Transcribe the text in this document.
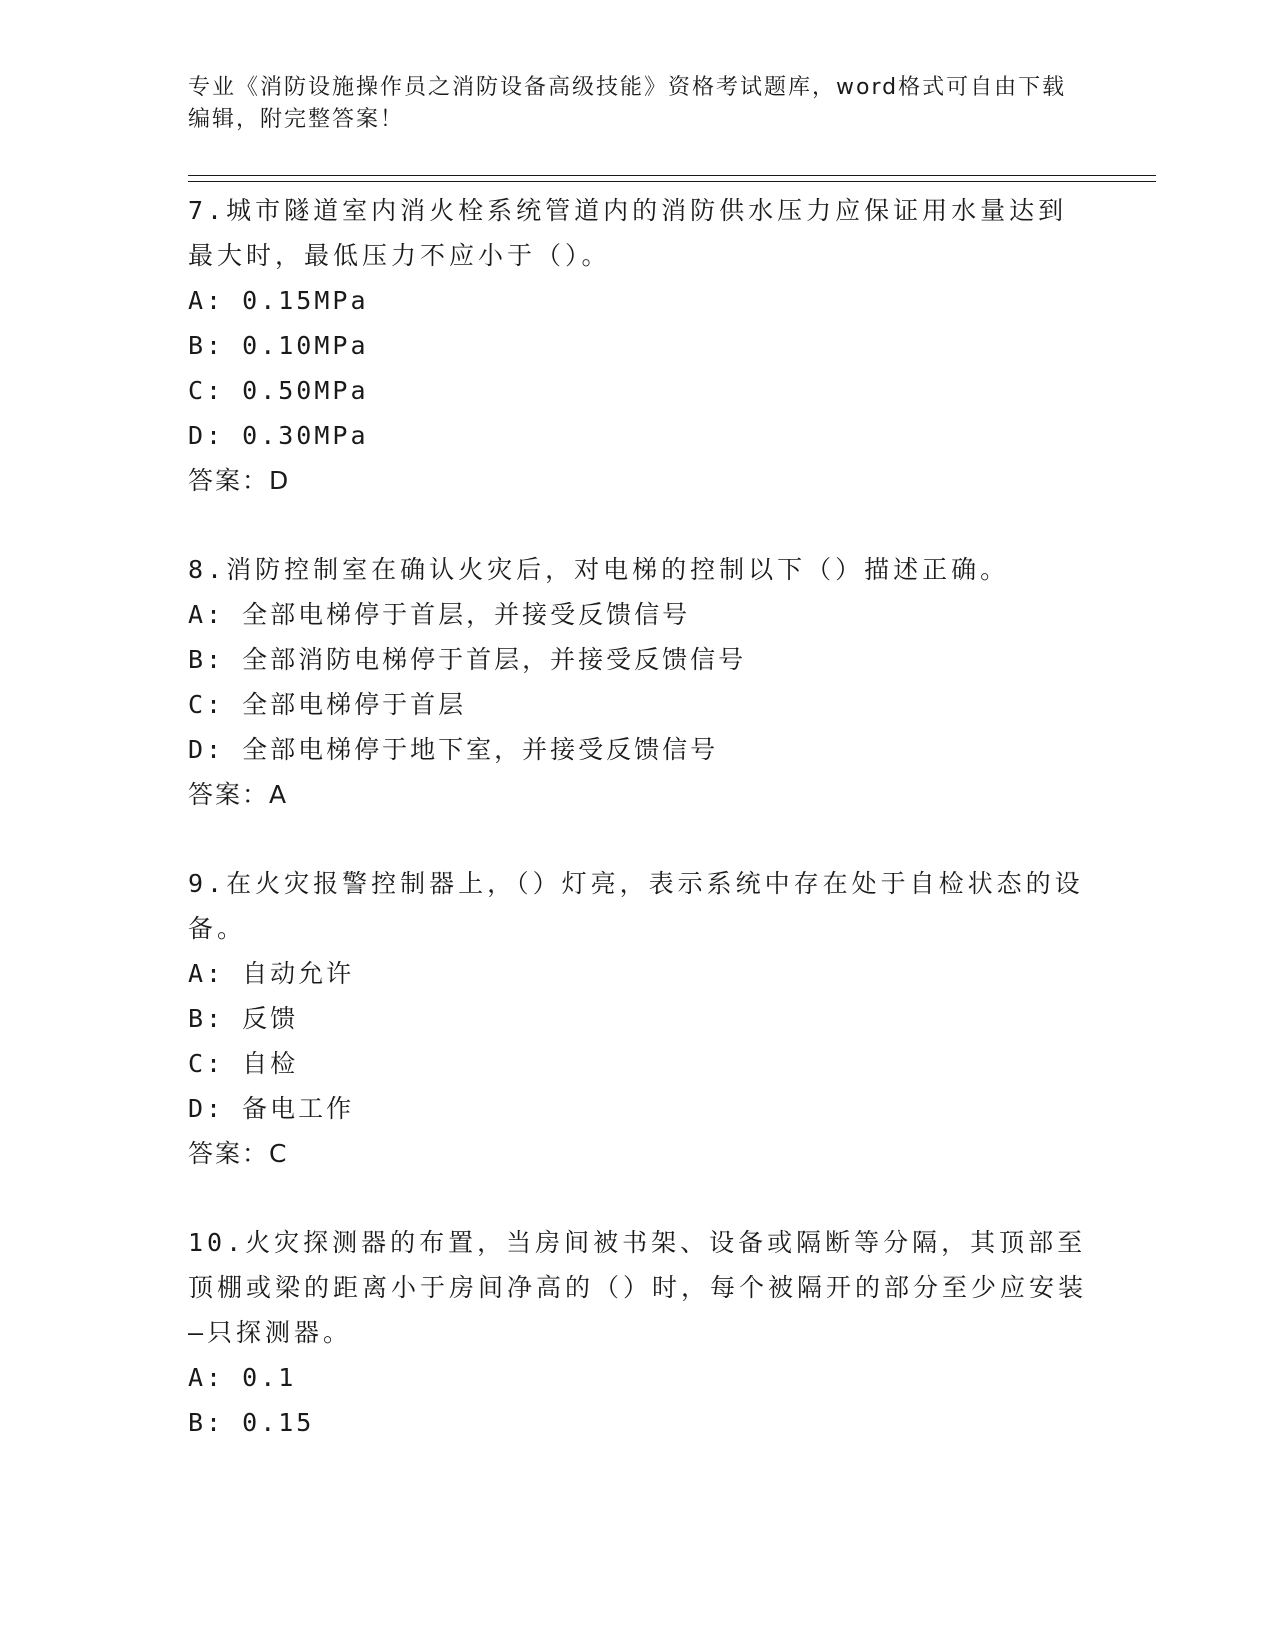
专业《消防设施操作员之消防设备高级技能》资格考试题库，word格式可自由下载编辑，附完整答案！

7.城市隧道室内消火栓系统管道内的消防供水压力应保证用水量达到最大时，最低压力不应小于（）。

A: 0.15MPa

B: 0.10MPa

C: 0.50MPa

D: 0.30MPa

答案：D

8.消防控制室在确认火灾后，对电梯的控制以下（）描述正确。

A: 全部电梯停于首层，并接受反馈信号

B: 全部消防电梯停于首层，并接受反馈信号

C: 全部电梯停于首层

D: 全部电梯停于地下室，并接受反馈信号

答案：A

9.在火灾报警控制器上，（）灯亮，表示系统中存在处于自检状态的设备。

A: 自动允许

B: 反馈

C: 自检

D: 备电工作

答案：C

10.火灾探测器的布置，当房间被书架、设备或隔断等分隔，其顶部至顶棚或梁的距离小于房间净高的（）时，每个被隔开的部分至少应安装—只探测器。

A: 0.1

B: 0.15
